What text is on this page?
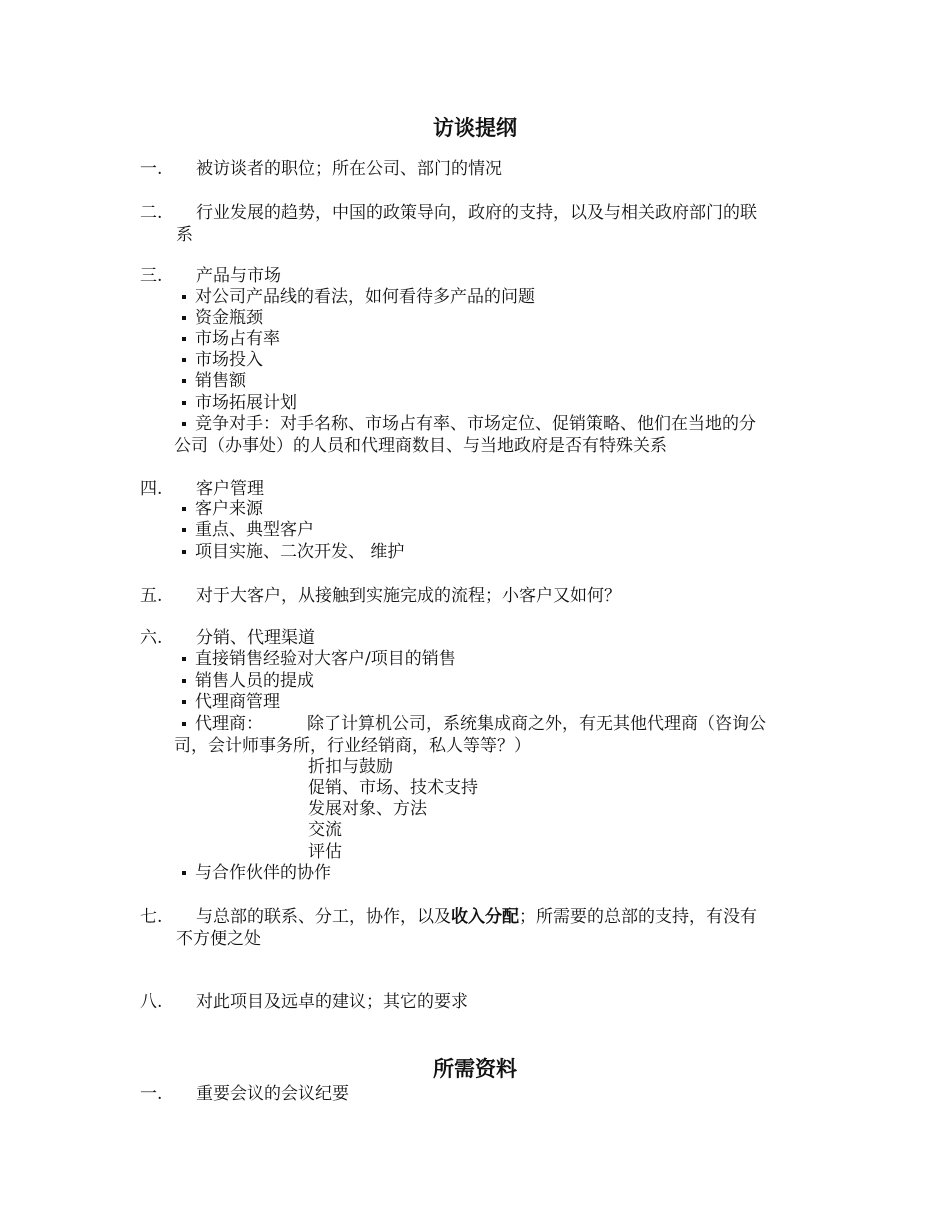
访谈提纲
一. 被访谈者的职位；所在公司、部门的情况
二. 行业发展的趋势，中国的政策导向，政府的支持，以及与相关政府部门的联
系
三. 产品与市场
对公司产品线的看法，如何看待多产品的问题
资金瓶颈
市场占有率
市场投入
销售额
市场拓展计划
竞争对手：对手名称、市场占有率、市场定位、促销策略、他们在当地的分
公司（办事处）的人员和代理商数目、与当地政府是否有特殊关系
四. 客户管理
客户来源
重点、典型客户
项目实施、二次开发、 维护
五. 对于大客户，从接触到实施完成的流程；小客户又如何？
六. 分销、代理渠道
直接销售经验对大客户/项目的销售
销售人员的提成
代理商管理
代理商：	除了计算机公司，系统集成商之外，有无其他代理商（咨询公
司，会计师事务所，行业经销商，私人等等？）
折扣与鼓励
促销、市场、技术支持
发展对象、方法
交流
评估
与合作伙伴的协作
七. 与总部的联系、分工，协作，以及收入分配；所需要的总部的支持，有没有
不方便之处
八. 对此项目及远卓的建议；其它的要求
所需资料
一. 重要会议的会议纪要
